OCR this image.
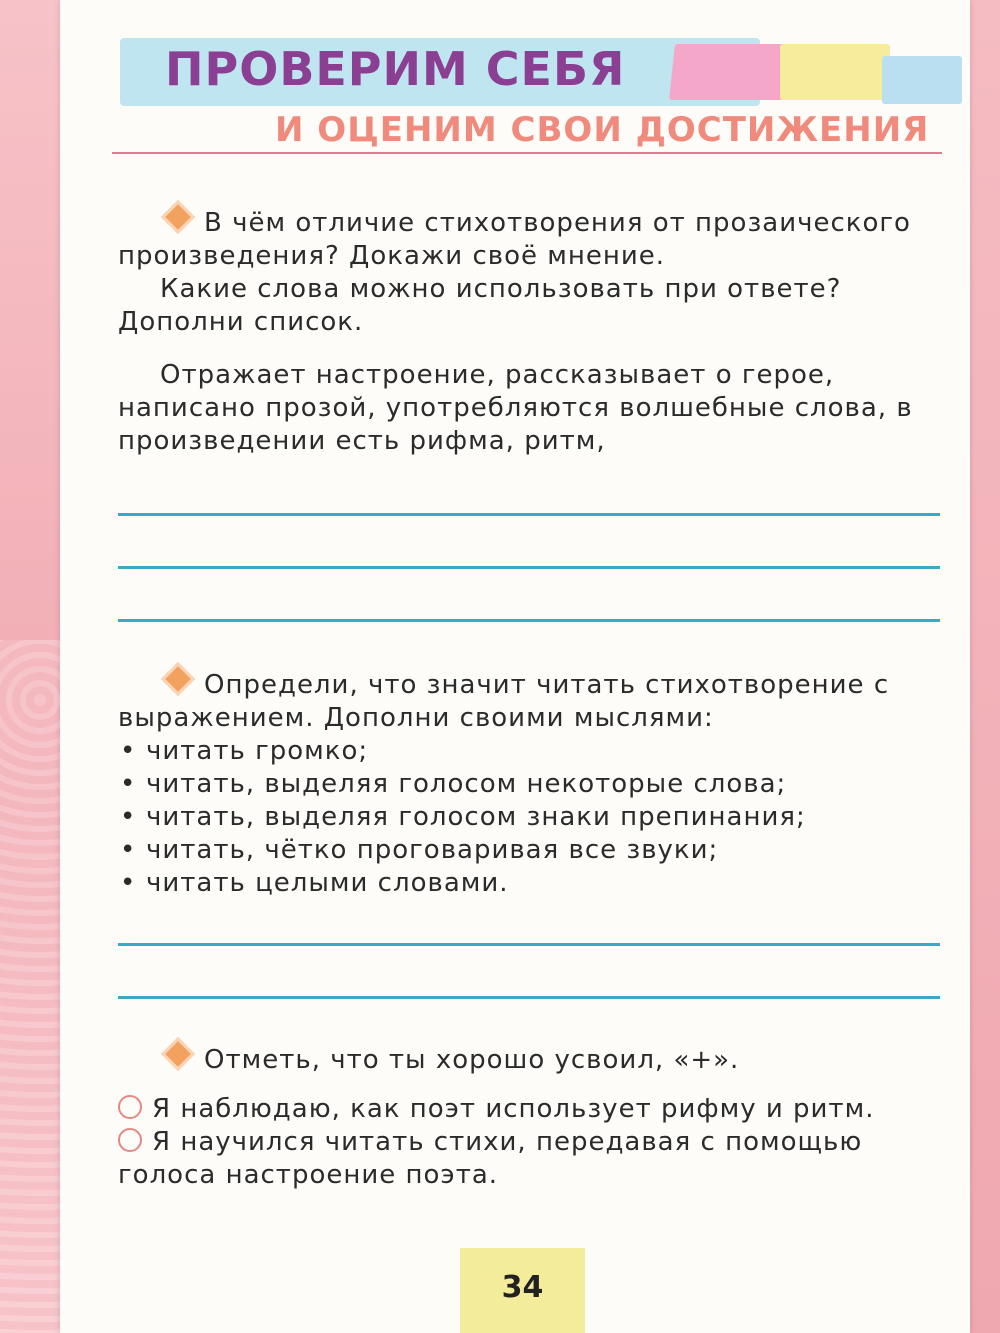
ПРОВЕРИМ СЕБЯ
И ОЦЕНИМ СВОИ ДОСТИЖЕНИЯ

В чём отличие стихотворения от прозаического произведения? Докажи своё мнение.

Какие слова можно использовать при ответе? Дополни список.

Отражает настроение, рассказывает о герое, написано прозой, употребляются волшебные слова, в произведении есть рифма, ритм,

Определи, что значит читать стихотворение с выражением. Дополни своими мыслями:

• читать громко;
• читать, выделяя голосом некоторые слова;
• читать, выделяя голосом знаки препинания;
• читать, чётко проговаривая все звуки;
• читать целыми словами.

Отметь, что ты хорошо усвоил, «+».

Я наблюдаю, как поэт использует рифму и ритм.

Я научился читать стихи, передавая с помощью голоса настроение поэта.

34
